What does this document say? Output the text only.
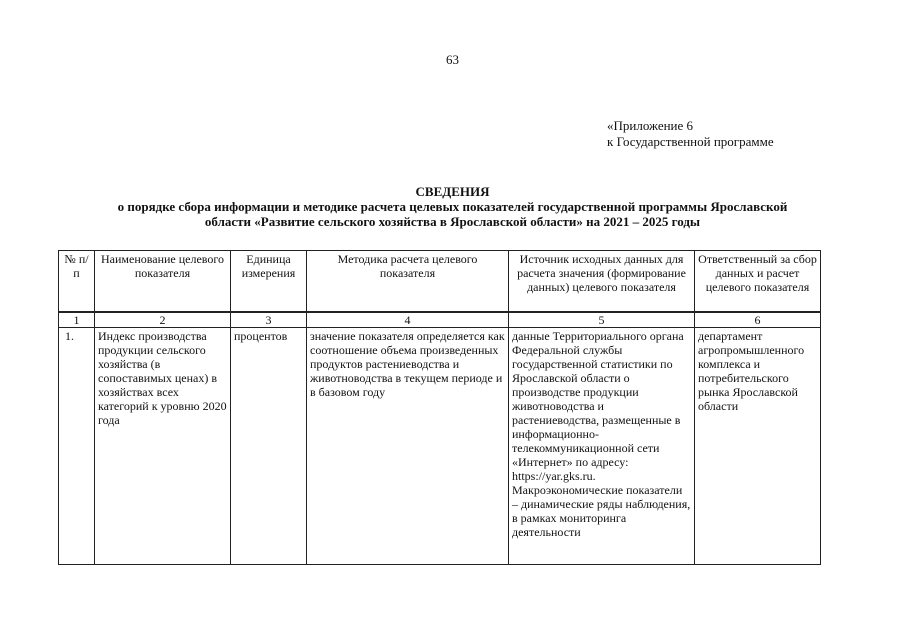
63
«Приложение 6
к Государственной программе
СВЕДЕНИЯ
о порядке сбора информации и методике расчета целевых показателей государственной программы Ярославской
области «Развитие сельского хозяйства в Ярославской области» на 2021 – 2025 годы
№ п/п	Наименование целевого показателя	Единица измерения	Методика расчета целевого показателя	Источник исходных данных для расчета значения (формирование данных) целевого показателя	Ответственный за сбор данных и расчет целевого показателя
1	2	3	4	5	6
1.	Индекс производства продукции сельского хозяйства (в сопоставимых ценах) в хозяйствах всех категорий к уровню 2020 года	процентов	значение показателя определяется как соотношение объема произведенных продуктов растениеводства и животноводства в текущем периоде и в базовом году	данные Территориального органа Федеральной службы государственной статистики по Ярославской области о производстве продукции животноводства и растениеводства, размещенные в информационно-телекоммуникационной сети «Интернет» по адресу: https://yar.gks.ru. Макроэкономические показатели – динамические ряды наблюдения, в рамках мониторинга деятельности	департамент агропромышленного комплекса и потребительского рынка Ярославской области
